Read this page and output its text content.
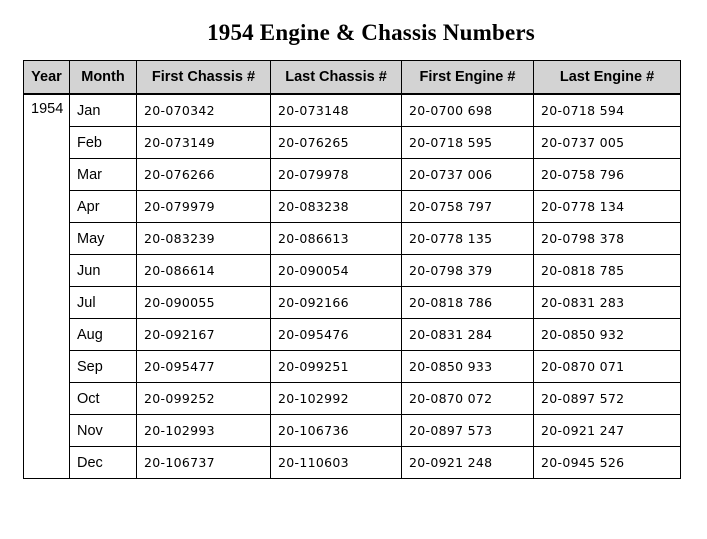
1954 Engine & Chassis Numbers
Year	Month	First Chassis #	Last Chassis #	First Engine #	Last Engine #
1954	Jan	20-070342	20-073148	20-0700 698	20-0718 594
	Feb	20-073149	20-076265	20-0718 595	20-0737 005
	Mar	20-076266	20-079978	20-0737 006	20-0758 796
	Apr	20-079979	20-083238	20-0758 797	20-0778 134
	May	20-083239	20-086613	20-0778 135	20-0798 378
	Jun	20-086614	20-090054	20-0798 379	20-0818 785
	Jul	20-090055	20-092166	20-0818 786	20-0831 283
	Aug	20-092167	20-095476	20-0831 284	20-0850 932
	Sep	20-095477	20-099251	20-0850 933	20-0870 071
	Oct	20-099252	20-102992	20-0870 072	20-0897 572
	Nov	20-102993	20-106736	20-0897 573	20-0921 247
	Dec	20-106737	20-110603	20-0921 248	20-0945 526
